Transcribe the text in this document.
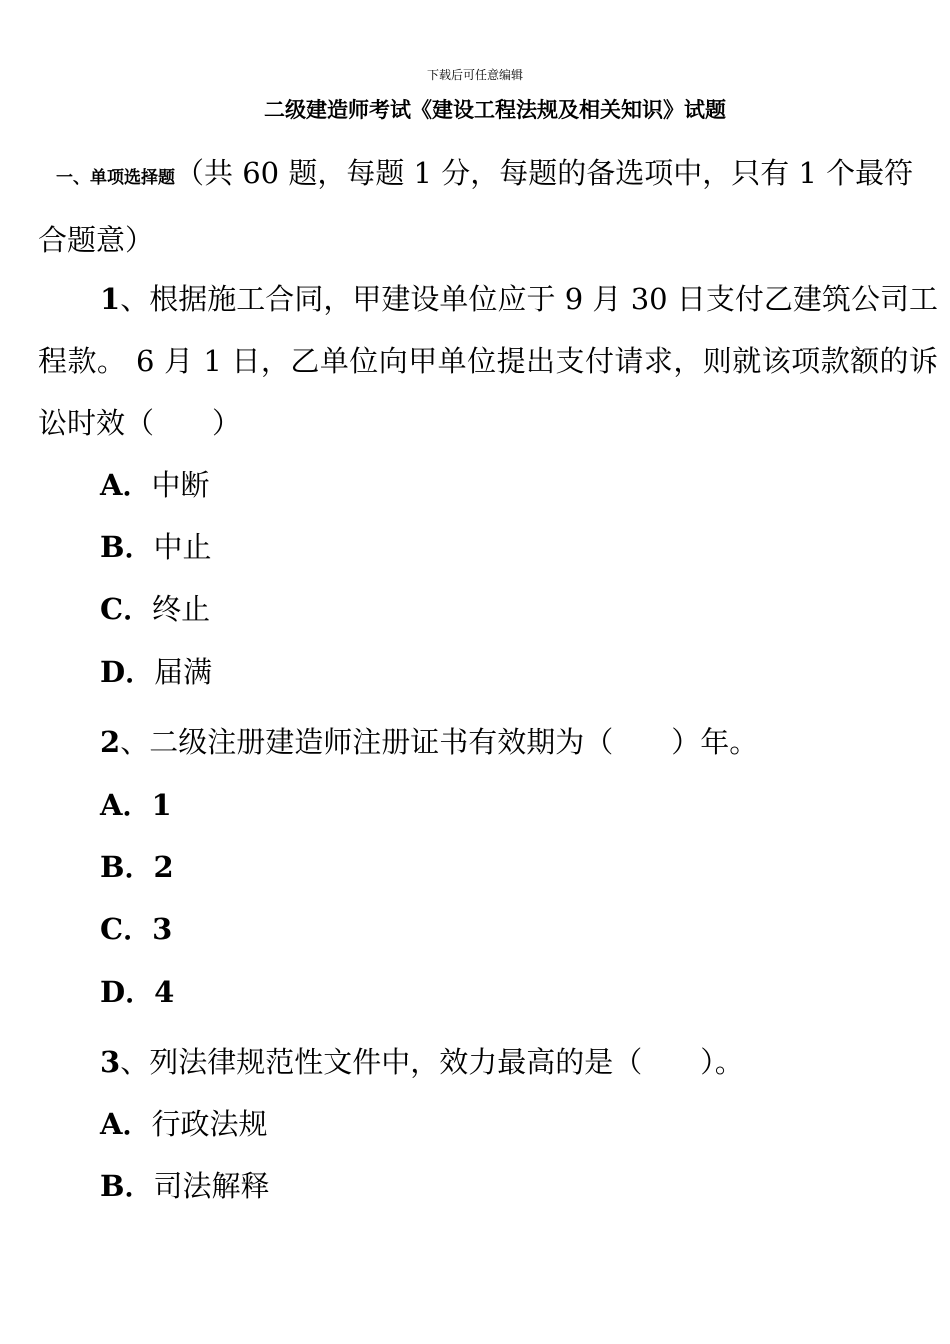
下载后可任意编辑
二级建造师考试《建设工程法规及相关知识》试题

一、单项选择题（共 60 题，每题 1 分，每题的备选项中，只有 1 个最符合题意）

1、根据施工合同，甲建设单位应于 9 月 30 日支付乙建筑公司工程款。 6 月 1 日，乙单位向甲单位提出支付请求，则就该项款额的诉讼时效（　　）

A．中断
B．中止
C．终止
D．届满

2、二级注册建造师注册证书有效期为（　　）年。

A．1
B．2
C．3
D．4

3、列法律规范性文件中，效力最高的是（　　）。

A．行政法规
B．司法解释
